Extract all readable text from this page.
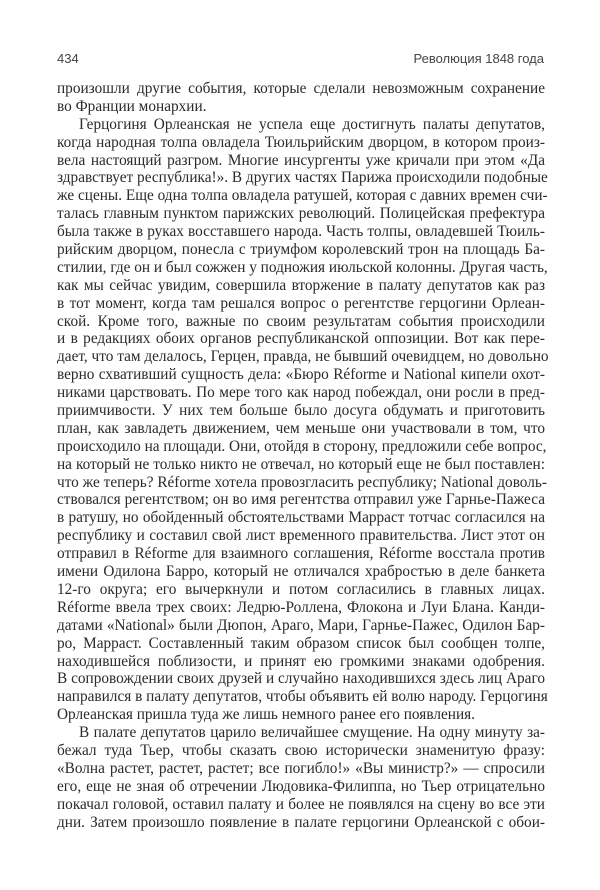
434	Революция 1848 года
произошли другие события, которые сделали невозможным сохранение
во Франции монархии.
Герцогиня Орлеанская не успела еще достигнуть палаты депутатов,
когда народная толпа овладела Тюильрийским дворцом, в котором произ-
вела настоящий разгром. Многие инсургенты уже кричали при этом «Да
здравствует республика!». В других частях Парижа происходили подобные
же сцены. Еще одна толпа овладела ратушей, которая с давних времен счи-
талась главным пунктом парижских революций. Полицейская префектура
была также в руках восставшего народа. Часть толпы, овладевшей Тюиль-
рийским дворцом, понесла с триумфом королевский трон на площадь Ба-
стилии, где он и был сожжен у подножия июльской колонны. Другая часть,
как мы сейчас увидим, совершила вторжение в палату депутатов как раз
в тот момент, когда там решался вопрос о регентстве герцогини Орлеан-
ской. Кроме того, важные по своим результатам события происходили
и в редакциях обоих органов республиканской оппозиции. Вот как пере-
дает, что там делалось, Герцен, правда, не бывший очевидцем, но довольно
верно схвативший сущность дела: «Бюро Réforme и National кипели охот-
никами царствовать. По мере того как народ побеждал, они росли в пред-
приимчивости. У них тем больше было досуга обдумать и приготовить
план, как завладеть движением, чем меньше они участвовали в том, что
происходило на площади. Они, отойдя в сторону, предложили себе вопрос,
на который не только никто не отвечал, но который еще не был поставлен:
что же теперь? Réforme хотела провозгласить республику; National доволь-
ствовался регентством; он во имя регентства отправил уже Гарнье-Пажеса
в ратушу, но обойденный обстоятельствами Марраст тотчас согласился на
республику и составил свой лист временного правительства. Лист этот он
отправил в Réforme для взаимного соглашения, Réforme восстала против
имени Одилона Барро, который не отличался храбростью в деле банкета
12-го округа; его вычеркнули и потом согласились в главных лицах.
Réforme ввела трех своих: Ледрю-Роллена, Флокона и Луи Блана. Канди-
датами «National» были Дюпон, Араго, Мари, Гарнье-Пажес, Одилон Бар-
ро, Марраст. Составленный таким образом список был сообщен толпе,
находившейся поблизости, и принят ею громкими знаками одобрения.
В сопровождении своих друзей и случайно находившихся здесь лиц Араго
направился в палату депутатов, чтобы объявить ей волю народу. Герцогиня
Орлеанская пришла туда же лишь немного ранее его появления.
В палате депутатов царило величайшее смущение. На одну минуту за-
бежал туда Тьер, чтобы сказать свою исторически знаменитую фразу:
«Волна растет, растет, растет; все погибло!» «Вы министр?» — спросили
его, еще не зная об отречении Людовика-Филиппа, но Тьер отрицательно
покачал головой, оставил палату и более не появлялся на сцену во все эти
дни. Затем произошло появление в палате герцогини Орлеанской с обои-
